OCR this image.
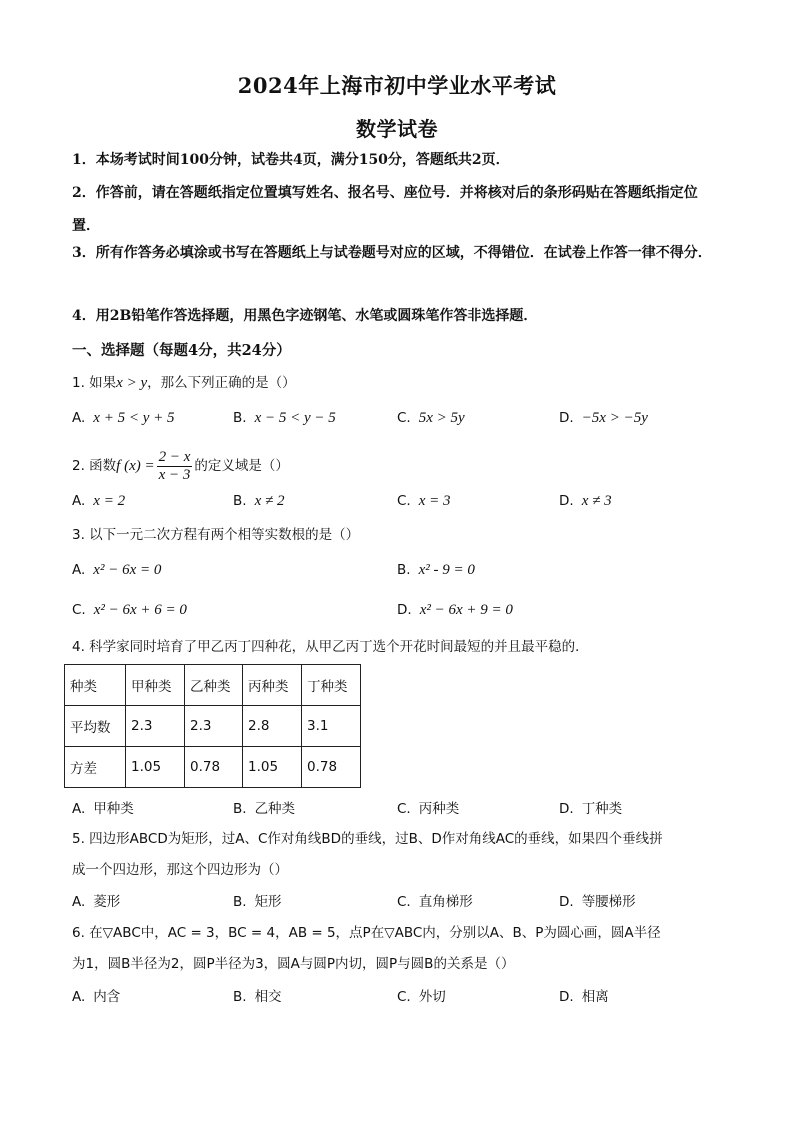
2024年上海市初中学业水平考试
数学试卷
1．本场考试时间100分钟，试卷共4页，满分150分，答题纸共2页．
2．作答前，请在答题纸指定位置填写姓名、报名号、座位号．并将核对后的条形码贴在答题纸指定位置．
3．所有作答务必填涂或书写在答题纸上与试卷题号对应的区域，不得错位．在试卷上作答一律不得分．
4．用2B铅笔作答选择题，用黑色字迹钢笔、水笔或圆珠笔作答非选择题．
一、选择题（每题4分，共24分）
1. 如果x > y，那么下列正确的是（）
A. x + 5 < y + 5	B. x − 5 < y − 5	C. 5x > 5y	D. −5x > −5y
2. 函数f $(x) = \frac{2 - x}{x - 3}$ 的定义域是（）
A. x = 2	B. x ≠ 2	C. x = 3	D. x ≠ 3
3. 以下一元二次方程有两个相等实数根的是（）
A. x² − 6x = 0	B. x² - 9 = 0
C. x² − 6x + 6 = 0	D. x² − 6x + 9 = 0
4. 科学家同时培育了甲乙丙丁四种花，从甲乙丙丁选个开花时间最短的并且最平稳的．
种类	甲种类	乙种类	丙种类	丁种类
平均数	2.3	2.3	2.8	3.1
方差	1.05	0.78	1.05	0.78
A. 甲种类	B. 乙种类	C. 丙种类	D. 丁种类
5. 四边形ABCD为矩形，过A、C作对角线BD的垂线，过B、D作对角线AC的垂线，如果四个垂线拼
成一个四边形，那这个四边形为（）
A. 菱形	B. 矩形	C. 直角梯形	D. 等腰梯形
6. 在▽ABC中，AC = 3，BC = 4，AB = 5，点P在▽ABC内，分别以A、B、P为圆心画，圆A半径
为1，圆B半径为2，圆P半径为3，圆A与圆P内切，圆P与圆B的关系是（）
A. 内含	B. 相交	C. 外切	D. 相离
